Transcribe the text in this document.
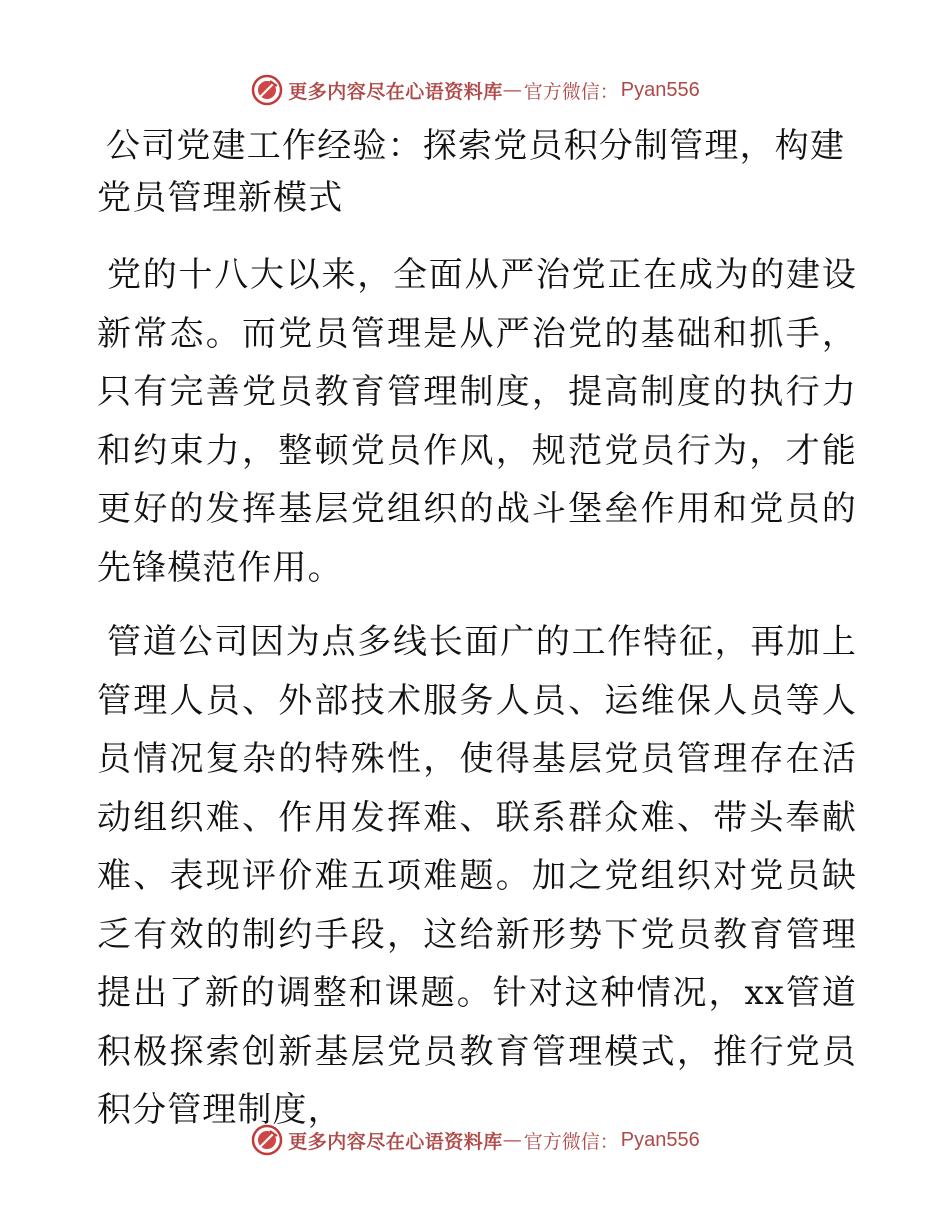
更多内容尽在心语资料库 — 官方微信： Pyan556
公司党建工作经验：探索党员积分制管理，构建党员管理新模式

党的十八大以来，全面从严治党正在成为的建设新常态。而党员管理是从严治党的基础和抓手，只有完善党员教育管理制度，提高制度的执行力和约束力，整顿党员作风，规范党员行为，才能更好的发挥基层党组织的战斗堡垒作用和党员的先锋模范作用。

管道公司因为点多线长面广的工作特征，再加上管理人员、外部技术服务人员、运维保人员等人员情况复杂的特殊性，使得基层党员管理存在活动组织难、作用发挥难、联系群众难、带头奉献难、表现评价难五项难题。加之党组织对党员缺乏有效的制约手段，这给新形势下党员教育管理提出了新的调整和课题。针对这种情况，xx管道积极探索创新基层党员教育管理模式，推行党员积分管理制度，

更多内容尽在心语资料库 — 官方微信： Pyan556
